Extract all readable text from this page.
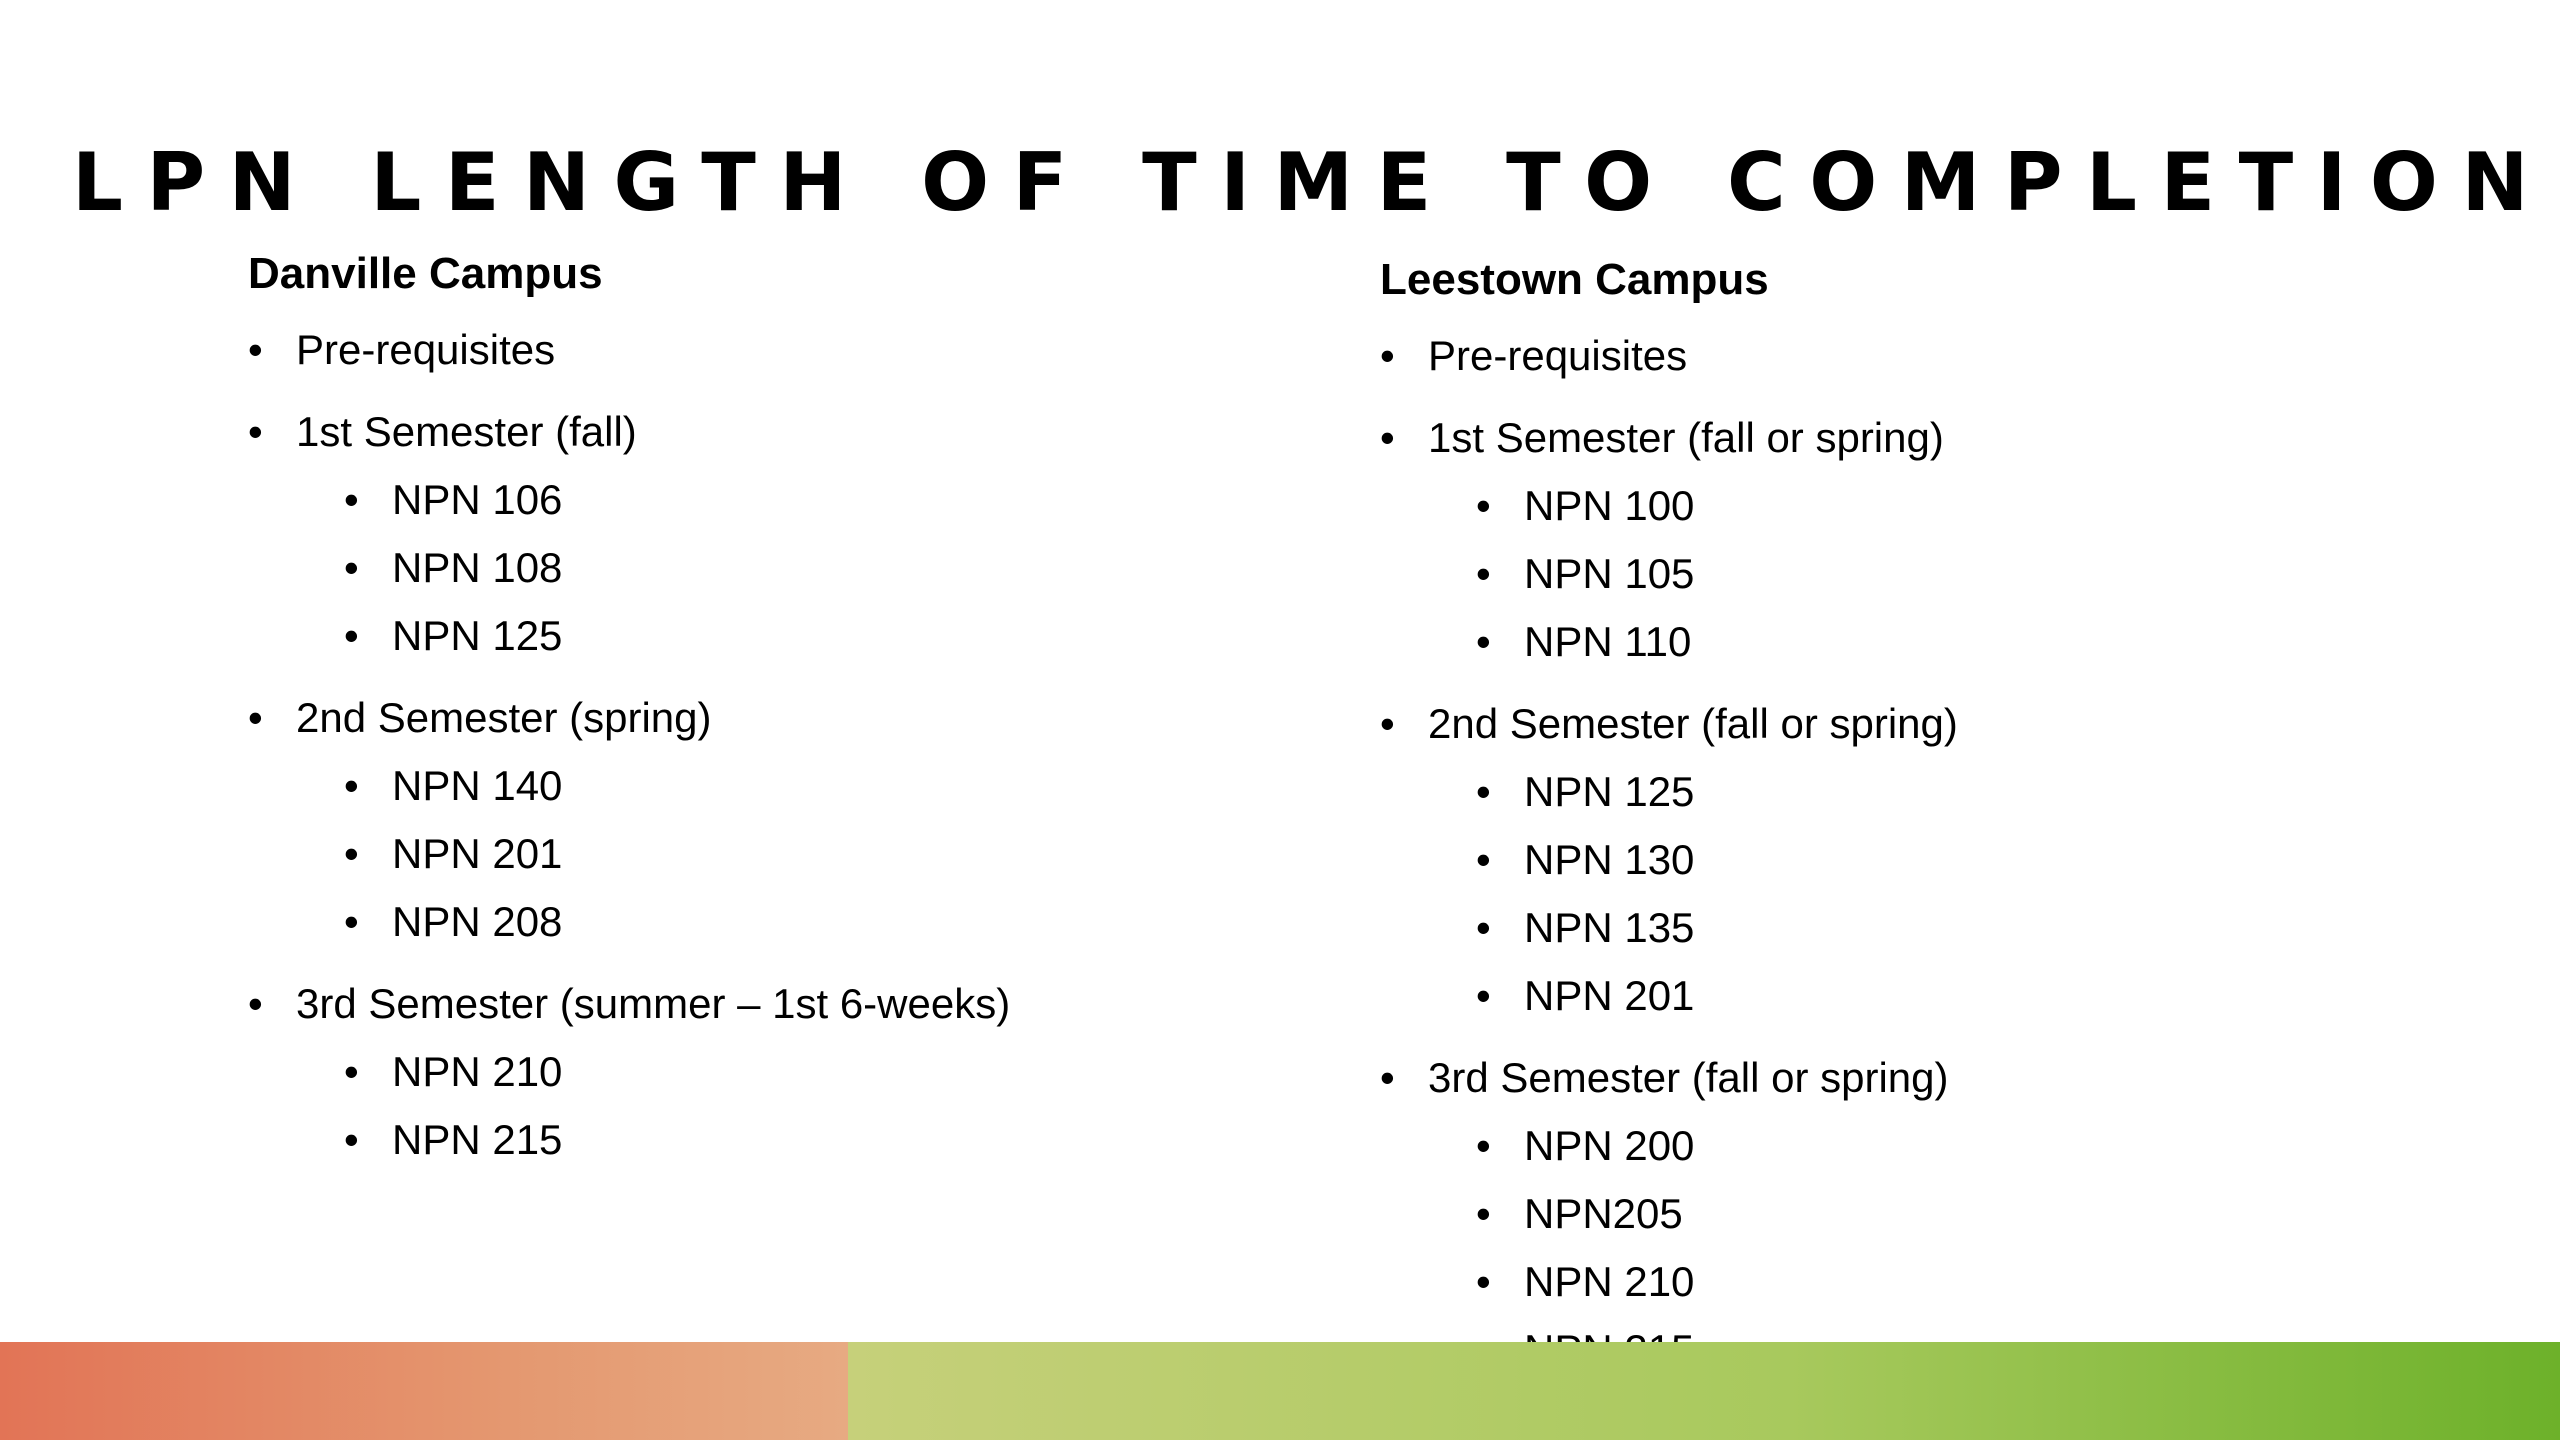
LPN LENGTH OF TIME TO COMPLETION
Danville Campus
• Pre-requisites
• 1st Semester (fall)
• NPN 106
• NPN 108
• NPN 125
• 2nd Semester (spring)
• NPN 140
• NPN 201
• NPN 208
• 3rd Semester (summer – 1st 6-weeks)
• NPN 210
• NPN 215
Leestown Campus
• Pre-requisites
• 1st Semester (fall or spring)
• NPN 100
• NPN 105
• NPN 110
• 2nd Semester (fall or spring)
• NPN 125
• NPN 130
• NPN 135
• NPN 201
• 3rd Semester (fall or spring)
• NPN 200
• NPN205
• NPN 210
•
